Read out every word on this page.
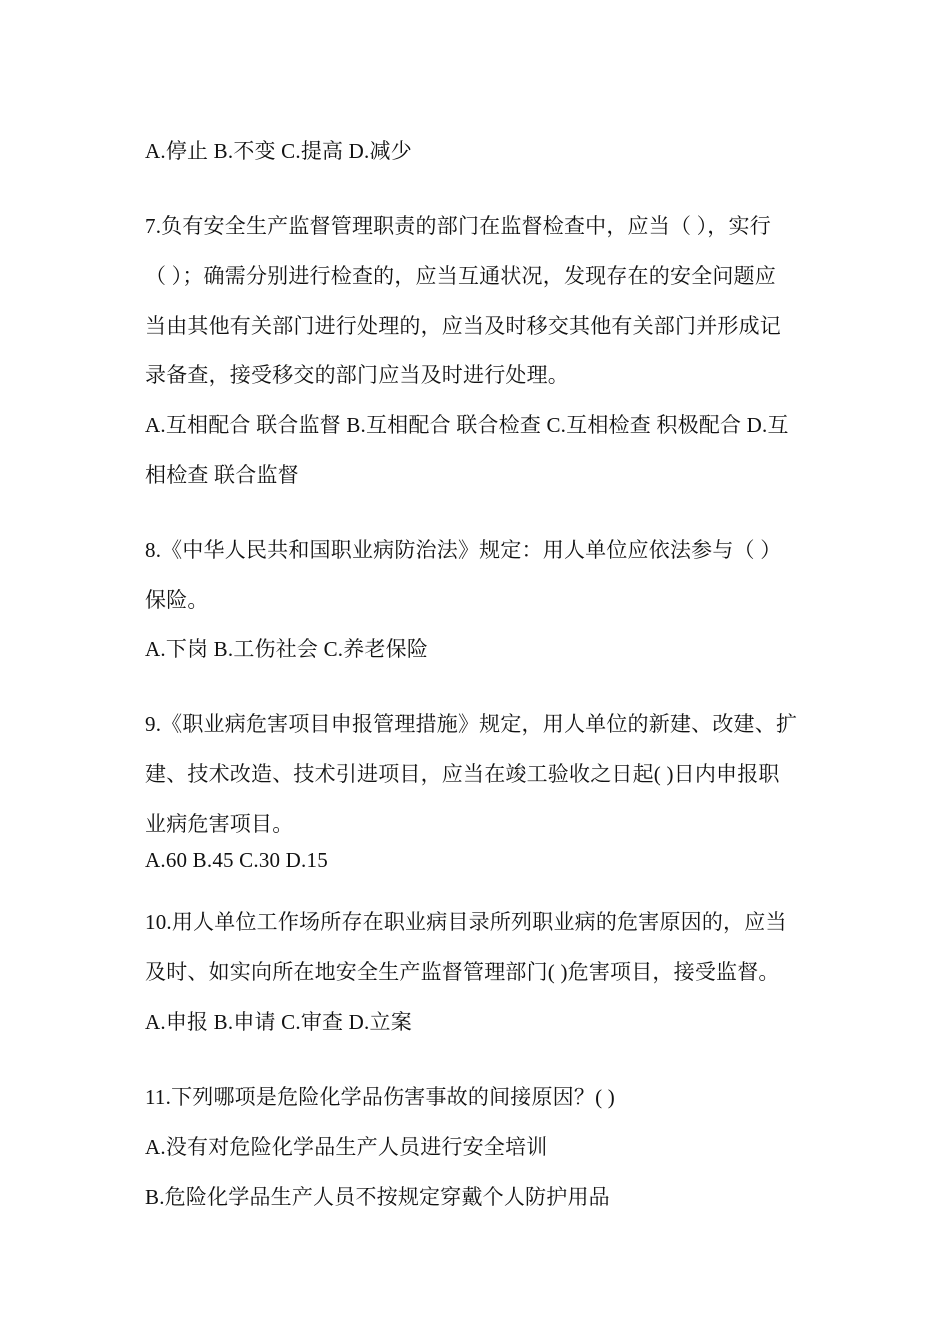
A.停止 B.不变 C.提高 D.减少
7.负有安全生产监督管理职责的部门在监督检查中，应当（ ），实行
（ ）；确需分别进行检查的，应当互通状况，发现存在的安全问题应
当由其他有关部门进行处理的，应当及时移交其他有关部门并形成记
录备查，接受移交的部门应当及时进行处理。
A.互相配合 联合监督 B.互相配合 联合检查 C.互相检查 积极配合 D.互
相检查 联合监督
8.《中华人民共和国职业病防治法》规定：用人单位应依法参与（ ）
保险。
A.下岗 B.工伤社会 C.养老保险
9.《职业病危害项目申报管理措施》规定，用人单位的新建、改建、扩
建、技术改造、技术引进项目，应当在竣工验收之日起( )日内申报职
业病危害项目。
A.60 B.45 C.30 D.15
10.用人单位工作场所存在职业病目录所列职业病的危害原因的，应当
及时、如实向所在地安全生产监督管理部门( )危害项目，接受监督。
A.申报 B.申请 C.审查 D.立案
11.下列哪项是危险化学品伤害事故的间接原因？( )
A.没有对危险化学品生产人员进行安全培训
B.危险化学品生产人员不按规定穿戴个人防护用品
